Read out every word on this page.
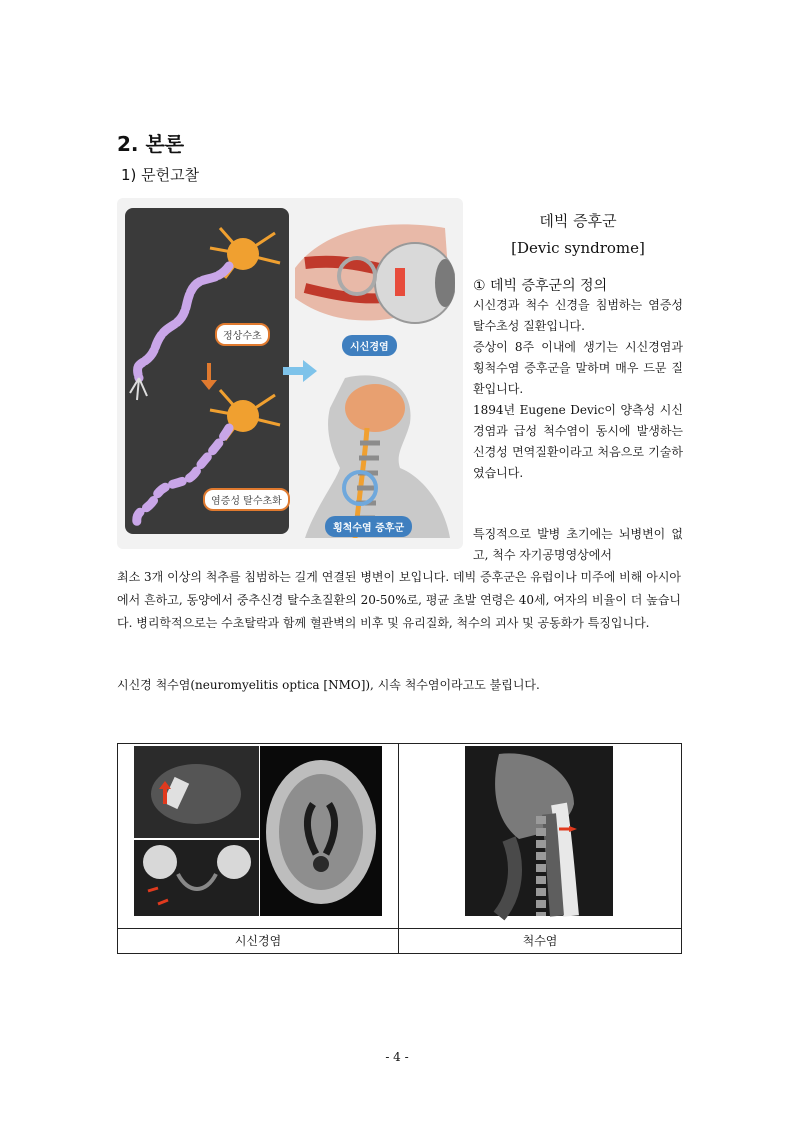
2. 본론
1) 문헌고찰
정상수초
염증성 탈수초화
시신경염
횡척수염 증후군
데빅 증후군
[Devic syndrome]
① 데빅 증후군의 정의
시신경과 척수 신경을 침범하는 염증성 탈수초성 질환입니다.
증상이 8주 이내에 생기는 시신경염과 횡척수염 증후군을 말하며 매우 드문 질환입니다.
1894년 Eugene Devic이 양측성 시신경염과 급성 척수염이 동시에 발생하는 신경성 면역질환이라고 처음으로 기술하였습니다.
특징적으로 발병 초기에는 뇌병변이 없고, 척수 자기공명영상에서
최소 3개 이상의 척추를 침범하는 길게 연결된 병변이 보입니다. 데빅 증후군은 유럽이나 미주에 비해 아시아에서 흔하고, 동양에서 중추신경 탈수초질환의 20-50%로, 평균 초발 연령은 40세, 여자의 비율이 더 높습니다. 병리학적으로는 수초탈락과 함께 혈관벽의 비후 및 유리질화, 척수의 괴사 및 공동화가 특징입니다.
시신경 척수염(neuromyelitis optica [NMO]), 시속 척수염이라고도 불립니다.

시신경염	척수염
- 4 -
